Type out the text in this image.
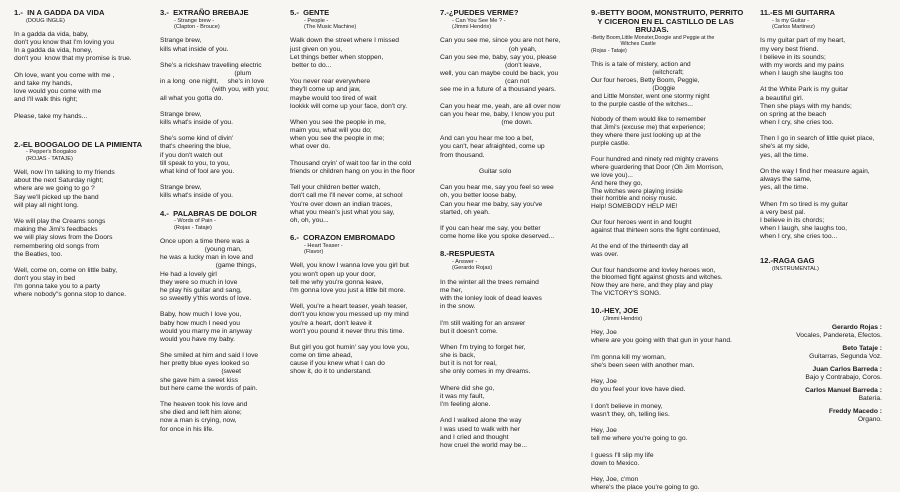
1.-  IN A GADDA DA VIDA

(DOUG INGLE)

In a gadda da vida, baby,
don't you know that I'm loving you
In a gadda da vida, honey,
don't you  know that my promise is true.

Oh love, want you come with me ,
and take my hands,
love would you come with me
and I'll walk this right;

Please, take my hands...

2.-EL BOOGALOO DE LA PIMIENTA

- Pepper's Boogaloo
(ROJAS - TATAJE)

Well, now I'm talking to my friends
about the next Saturday night;
where are we going to go ?
Say we'll picked up the band
will play all night long.

We will play the Creams songs
making the Jimi's feedbacks
we will play slows from the Doors
remembering old songs from
the Beatles, too.

Well, come on, come on little baby,
don't you stay in bed
I'm gonna take you to a party
where nobody"s gonna stop to dance.

3.-  EXTRAÑO BREBAJE

- Strange brew -
(Clapton - Brouce)

Strange brew,
kills what inside of you.

She's a rickshaw travelling electric
(plum
in a long  one night,     she's in love
(with you, with you;
all what you gotta do.

Strange brew,
kills what's inside of you.

She's some kind of divin'
that's cheering the blue,
if you don't watch out
till speak to you, to you,
what kind of fool are you.

Strange brew,
kills what's inside of you.

4.-  PALABRAS DE DOLOR

- Words of Pain -
(Rojas - Tataje)

Once upon a time there was a
(young man,
he was a lucky man in love and
(game things,
He had a lovely girl
they were so much in love
he play his guitar and sang,
so sweetly y'this words of love.

Baby, how much I love you,
baby how much I need you
would you marry me in anyway
would you have my baby.

She smiled at him and said I love
her pretty blue eyes looked so
(sweet
she gave him a sweet kiss
but here came the words of pain.

The heaven took his love and
she died and left him alone;
now a man is crying, now,
for once in his life.

5.-  GENTE

- People -
(The Music Machine)

Walk down the street where I missed
just given on you,
Let things better when stoppen,
better to do...

You never rear everywhere
they'll come up and jaw,
maybe would too tired of wait
lookkk will come up your face, don't cry.

When you see the people in me,
maim you, what will you do;
when you see the people in me;
what over do.

Thousand cryin' of wait too far in the cold
friends or children hang on you in the floor

Tell your children better watch,
don't call me I'll never come, at school
You're over down an indian traces,
what you mean's just what you say,
oh, oh, you...

6.-  CORAZON EMBROMADO

- Heart Teaser -
(Flavor)

Well, you know I wanna love you girl but
you won't open up your door,
tell me why you're gonna leave,
I'm gonna love you just a little bit more.

Well, you're a heart teaser, yeah teaser,
don't you know you messed up my mind
you're a heart, don't leave it
won't you pound it never thru this time.

But girl you got humin' say you love you,
come on time ahead,
cause if you knew what I can do
show it, do it to understand.

7.-¿PUEDES VERME?

- Can You See Me ? -
(Jimmi Hendrix)

Can you see me, since you are not here,
(oh yeah,
Can you see me, baby, say you, please
(don't leave,
well, you can maybe could be back, you
(can not
see me in a future of a thousand years.

Can you hear me, yeah, are all over now
can you hear me, baby, I know you put
(me down.

And can you hear me too a bet,
you can't, hear afraighted, come up
from thousand.

Guitar solo

Can you hear me, say you feel so wee
oh, you better loose baby,
Can you hear me baby, say you've
started, oh yeah.

If you can hear me say, you better
come home like you spoke deserved...

8.-RESPUESTA

- Answer -
(Gerardo Rojas)

In the winter all the trees remaind
me her,
with the lonley look of dead leaves
in the snow.

I'm still waiting for an answer
but it doesn't come.

When I'm trying to forget her,
she is back,
but it is not for real,
she only comes in my dreams.

Where did she go,
it was my fault,
I'm feeling alone.

And I walked alone the way
I was used to walk with her
and I cried and thought
how cruel the world may be...

9.-BETTY BOOM, MONSTRUITO, PERRITO
Y CICERON EN EL CASTILLO DE LAS
BRUJAS.

-Betty Boom,Little Monster,Doogie and Peggie at the
Witches Castle
(Rojas - Tataje)

This is a tale of mistery, action and
(witchcraft;
Our four heroes, Betty Boom, Peggie,
(Doggie
and Little Monster, went one stormy night
to the purple castle of the witches...

Nobody of them would like to remember
that Jimi's (excuse me) that experience;
they where there just looking up at the
purple castle.

Four hundred and ninety red mighty cravens
where guardering that Door (Oh Jim Morrison,
we love you)...
And here they go,
The witches were playing inside
their horrible and noisy music.
Help! SOMEBODY HELP ME!

Our four heroes went in and fought
against that thirteen sons the fight continued,

At the end of the thirteenth day all
was over.

Our four handsome and lovley heroes won,
the bloomed fight against ghosts and witches.
Now they are here, and they play and play
The VICTORY'S SONG.

10.-HEY, JOE

(Jimmi Hendrix)

Hey, Joe
where are you going with that gun in your hand.

I'm gonna kill my woman,
she's been seen with another man.

Hey, Joe
do you feel your love have died.

I don't believe in money,
wasn't they, oh, telling lies.

Hey, Joe
tell me where you're going to go.

I guess I'll slip my life
down to Mexico.

Hey, Joe, c'mon
where's the place you're going to go.

11.-ES MI GUITARRA

- Is my Guitar -
(Carlos Martinez)

Is my guitar part of my heart,
my very best friend.
I believe in its sounds;
with my words and my pains
when I laugh she laughs too

At the White Park is my guitar
a beautiful girl.
Then she plays with my hands;
on spring at the beach
when I cry, she cries too.

Then I go in search of little quiet place,
she's at my side,
yes, all the time.

On the way I find her measure again,
always the same,
yes, all the time.

When I'm so tired is my guitar
a very best pal.
I believe in its chords;
when I laugh, she laughs too,
when I cry, she cries too...

12.-RAGA GAG

(INSTRUMENTAL)

Gerardo Rojas :
Vocales, Pandereta, Efectos.
Beto Tataje :
Guitarras, Segunda Voz.
Juan Carlos Barreda :
Bajo y Contrabajo, Coros.
Carlos Manuel Barreda :
Batería.
Freddy Macedo :
Organo.
